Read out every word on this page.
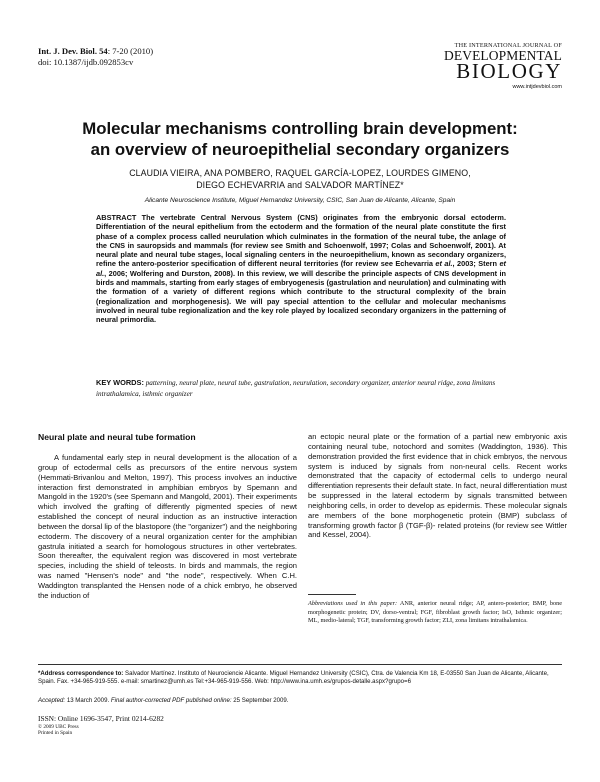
Int. J. Dev. Biol. 54: 7-20 (2010)
doi: 10.1387/ijdb.092853cv
THE INTERNATIONAL JOURNAL OF
DEVELOPMENTAL
BIOLOGY
www.intjdevbiol.com
Molecular mechanisms controlling brain development:
an overview of neuroepithelial secondary organizers
CLAUDIA VIEIRA, ANA POMBERO, RAQUEL GARCÍA-LOPEZ, LOURDES GIMENO,
DIEGO ECHEVARRIA and SALVADOR MARTÍNEZ*
Alicante Neuroscience Institute, Miguel Hernandez University, CSIC, San Juan de Alicante, Alicante, Spain
ABSTRACT The vertebrate Central Nervous System (CNS) originates from the embryonic dorsal ectoderm. Differentiation of the neural epithelium from the ectoderm and the formation of the neural plate constitute the first phase of a complex process called neurulation which culminates in the formation of the neural tube, the anlage of the CNS in sauropsids and mammals (for review see Smith and Schoenwolf, 1997; Colas and Schoenwolf, 2001). At neural plate and neural tube stages, local signaling centers in the neuroepithelium, known as secondary organizers, refine the antero-posterior specification of different neural territories (for review see Echevarria et al., 2003; Stern et al., 2006; Wolfering and Durston, 2008). In this review, we will describe the principle aspects of CNS development in birds and mammals, starting from early stages of embryogenesis (gastrulation and neurulation) and culminating with the formation of a variety of different regions which contribute to the structural complexity of the brain (regionalization and morphogenesis). We will pay special attention to the cellular and molecular mechanisms involved in neural tube regionalization and the key role played by localized secondary organizers in the patterning of neural primordia.
KEY WORDS: patterning, neural plate, neural tube, gastrulation, neurulation, secondary organizer, anterior neural ridge, zona limitans intrathalamica, isthmic organizer
Neural plate and neural tube formation
A fundamental early step in neural development is the allocation of a group of ectodermal cells as precursors of the entire nervous system (Hemmati-Brivanlou and Melton, 1997). This process involves an inductive interaction first demonstrated in amphibian embryos by Spemann and Mangold in the 1920's (see Spemann and Mangold, 2001). Their experiments which involved the grafting of differently pigmented species of newt established the concept of neural induction as an instructive interaction between the dorsal lip of the blastopore (the "organizer") and the neighboring ectoderm. The discovery of a neural organization center for the amphibian gastrula initiated a search for homologous structures in other vertebrates. Soon thereafter, the equivalent region was discovered in most vertebrate species, including the shield of teleosts. In birds and mammals, the region was named "Hensen's node" and "the node", respectively. When C.H. Waddington transplanted the Hensen node of a chick embryo, he observed the induction of
an ectopic neural plate or the formation of a partial new embryonic axis containing neural tube, notochord and somites (Waddington, 1936). This demonstration provided the first evidence that in chick embryos, the nervous system is induced by signals from non-neural cells. Recent works demonstrated that the capacity of ectodermal cells to undergo neural differentiation represents their default state. In fact, neural differentiation must be suppressed in the lateral ectoderm by signals transmitted between neighboring cells, in order to develop as epidermis. These molecular signals are members of the bone morphogenetic protein (BMP) subclass of transforming growth factor β (TGF-β)- related proteins (for review see Wittler and Kessel, 2004).
Abbreviations used in this paper: ANR, anterior neural ridge; AP, antero-posterior; BMP, bone morphogenetic protein; DV, dorso-ventral; FGF, fibroblast growth factor; IsO, Isthmic organizer; ML, medio-lateral; TGF, transforming growth factor; ZLI, zona limitans intrathalamica.
*Address correspondence to: Salvador Martínez. Instituto of Neurociencie Alicante. Miguel Hernandez University (CSIC), Ctra. de Valencia Km 18, E-03550 San Juan de Alicante, Alicante, Spain. Fax. +34-965-919-555. e-mail: smartinez@umh.es Tel:+34-965-919-556. Web: http://www.ina.umh.es/grupos-detalle.aspx?grupo=6
Accepted: 13 March 2009. Final author-corrected PDF published online: 25 September 2009.
ISSN: Online 1696-3547, Print 0214-6282
© 2009 UBC Press
Printed in Spain
